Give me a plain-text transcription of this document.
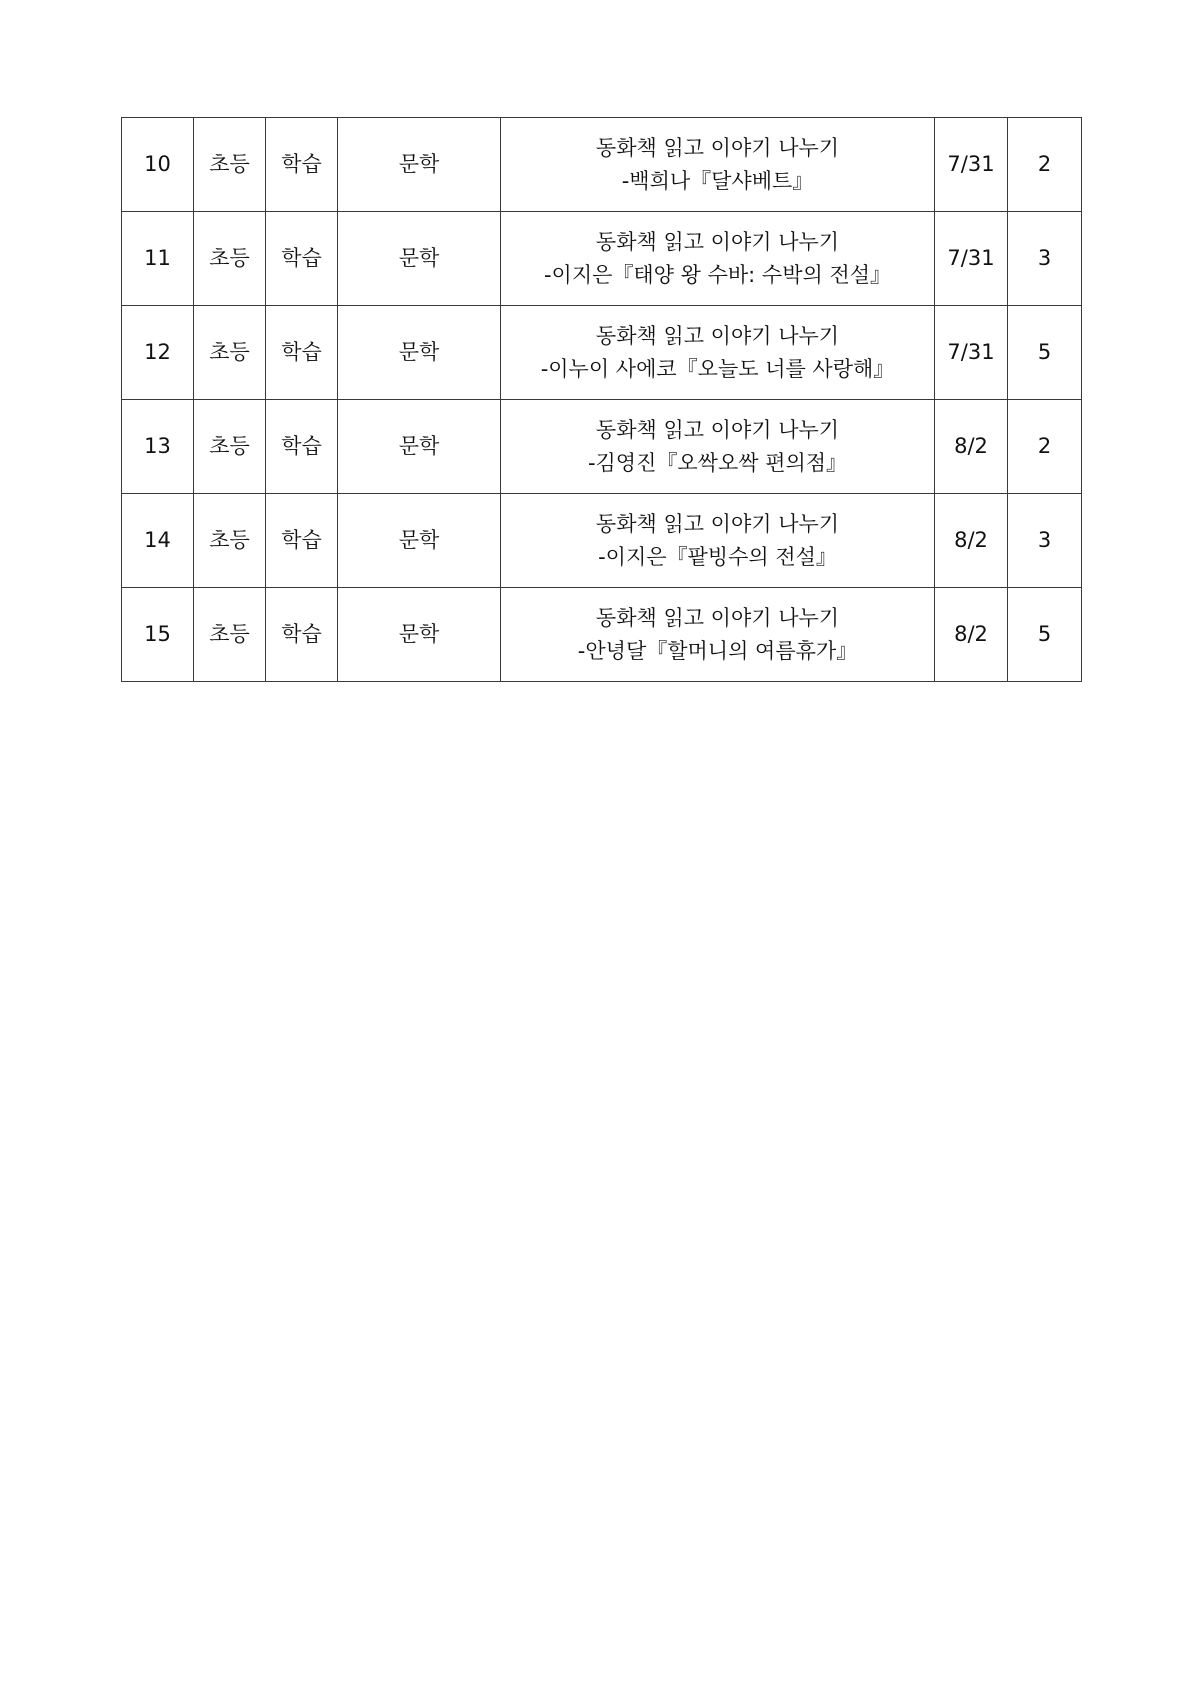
10	초등	학습	문학	동화책 읽고 이야기 나누기
-백희나『달샤베트』	7/31	2
11	초등	학습	문학	동화책 읽고 이야기 나누기
-이지은『태양 왕 수바: 수박의 전설』	7/31	3
12	초등	학습	문학	동화책 읽고 이야기 나누기
-이누이 사에코『오늘도 너를 사랑해』	7/31	5
13	초등	학습	문학	동화책 읽고 이야기 나누기
-김영진『오싹오싹 편의점』	8/2	2
14	초등	학습	문학	동화책 읽고 이야기 나누기
-이지은『팥빙수의 전설』	8/2	3
15	초등	학습	문학	동화책 읽고 이야기 나누기
-안녕달『할머니의 여름휴가』	8/2	5
